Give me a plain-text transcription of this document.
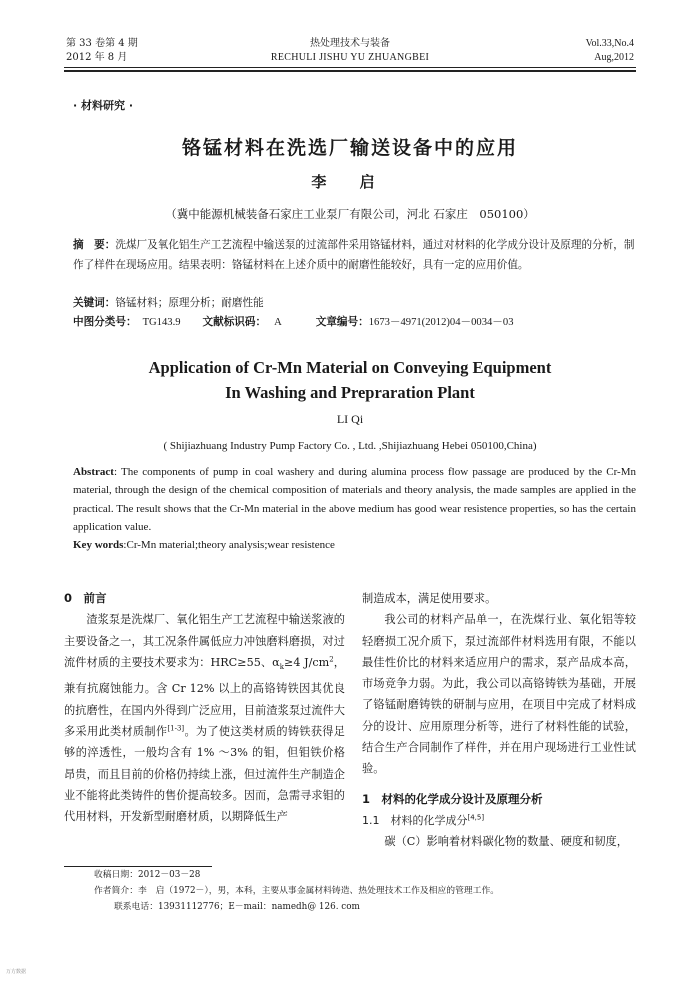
第 33 卷第 4 期
2012 年 8 月
热处理技术与装备
RECHULI JISHU YU ZHUANGBEI
Vol.33,No.4
Aug,2012
· 材料研究 ·
铬锰材料在洗选厂输送设备中的应用
李 启
（冀中能源机械装备石家庄工业泵厂有限公司，河北 石家庄　050100）
摘　要：洗煤厂及氧化铝生产工艺流程中输送泵的过流部件采用铬锰材料，通过对材料的化学成分设计及原理的分析，制作了样件在现场应用。结果表明：铬锰材料在上述介质中的耐磨性能较好，具有一定的应用价值。
关键词：铬锰材料；原理分析；耐磨性能
中图分类号： TG143.9 文献标识码： A	文章编号：1673－4971(2012)04－0034－03
Application of Cr-Mn Material on Conveying Equipment
In Washing and Prepraration Plant
LI Qi
( Shijiazhuang Industry Pump Factory Co. , Ltd. ,Shijiazhuang Hebei 050100,China)
Abstract: The components of pump in coal washery and during alumina process flow passage are produced by the Cr-Mn material, through the design of the chemical composition of materials and theory analysis, the made samples are applied in the practical. The result shows that the Cr-Mn material in the above medium has good wear resistence properties, so has the certain application value.
Key words:Cr-Mn material;theory analysis;wear resistence

0　前言

渣浆泵是洗煤厂、氧化铝生产工艺流程中输送浆液的主要设备之一，其工况条件属低应力冲蚀磨料磨损，对过流件材质的主要技术要求为：HRC≥55、$\alpha_k\ge 4$ $J/cm^2$，兼有抗腐蚀能力。含 Cr 12% 以上的高铬铸铁因其优良的抗磨性，在国内外得到广泛应用，目前渣浆泵过流件大多采用此类材质制作[1-3]。为了使这类材质的铸铁获得足够的淬透性，一般均含有 1% ～3% 的钼，但钼铁价格昂贵，而且目前的价格仍持续上涨，但过流件生产制造企业不能将此类铸件的售价提高较多。因而，急需寻求钼的代用材料，开发新型耐磨材质，以期降低生产

制造成本，满足使用要求。

我公司的材料产品单一，在洗煤行业、氧化铝等较轻磨损工况介质下，泵过流部件材料选用有限，不能以最佳性价比的材料来适应用户的需求，泵产品成本高，市场竞争力弱。为此，我公司以高铬铸铁为基础，开展了铬锰耐磨铸铁的研制与应用，在项目中完成了材料成分的设计、应用原理分析等，进行了材料性能的试验，结合生产合同制作了样件，并在用户现场进行工业性试验。

1　材料的化学成分设计及原理分析

1.1　材料的化学成分[4,5]

碳（C）影响着材料碳化物的数量、硬度和韧度，

收稿日期：2012－03－28
作者简介：李　启（1972－），男，本科，主要从事金属材料铸造、热处理技术工作及相应的管理工作。
联系电话：13931112776；E－mail：namedh@ 126. com
万方数据
